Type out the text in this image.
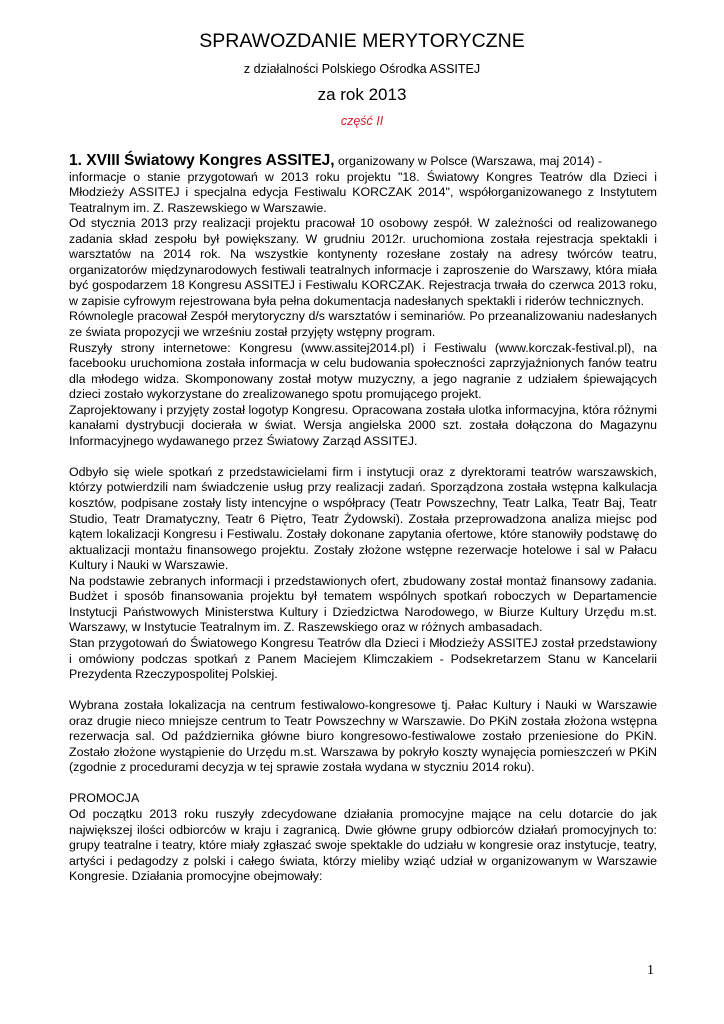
SPRAWOZDANIE MERYTORYCZNE
z działalności Polskiego Ośrodka ASSITEJ
za rok 2013
część II

1. XVIII Światowy Kongres ASSITEJ, organizowany w Polsce (Warszawa, maj 2014) -

informacje o stanie przygotowań w 2013 roku projektu "18. Światowy Kongres Teatrów dla Dzieci i Młodzieży ASSITEJ i specjalna edycja Festiwalu KORCZAK 2014", współorganizowanego z Instytutem Teatralnym im. Z. Raszewskiego w Warszawie.

Od stycznia 2013 przy realizacji projektu pracował 10 osobowy zespół. W zależności od realizowanego zadania skład zespołu był powiększany. W grudniu 2012r. uruchomiona została rejestracja spektakli i warsztatów na 2014 rok. Na wszystkie kontynenty rozesłane zostały na adresy twórców teatru, organizatorów międzynarodowych festiwali teatralnych informacje i zaproszenie do Warszawy, która miała być gospodarzem 18 Kongresu ASSITEJ i Festiwalu KORCZAK. Rejestracja trwała do czerwca 2013 roku, w zapisie cyfrowym rejestrowana była pełna dokumentacja nadesłanych spektakli i riderów technicznych.

Równolegle pracował Zespół merytoryczny d/s warsztatów i seminariów. Po przeanalizowaniu nadesłanych ze świata propozycji we wrześniu został przyjęty wstępny program.

Ruszyły strony internetowe: Kongresu (www.assitej2014.pl) i Festiwalu (www.korczak-festival.pl), na facebooku uruchomiona została informacja w celu budowania społeczności zaprzyjaźnionych fanów teatru dla młodego widza. Skomponowany został motyw muzyczny, a jego nagranie z udziałem śpiewających dzieci zostało wykorzystane do zrealizowanego spotu promującego projekt.

Zaprojektowany i przyjęty został logotyp Kongresu. Opracowana została ulotka informacyjna, która różnymi kanałami dystrybucji docierała w świat. Wersja angielska 2000 szt. została dołączona do Magazynu Informacyjnego wydawanego przez Światowy Zarząd ASSITEJ.

Odbyło się wiele spotkań z przedstawicielami firm i instytucji oraz z dyrektorami teatrów warszawskich, którzy potwierdzili nam świadczenie usług przy realizacji zadań. Sporządzona została wstępna kalkulacja kosztów, podpisane zostały listy intencyjne o współpracy (Teatr Powszechny, Teatr Lalka, Teatr Baj, Teatr Studio, Teatr Dramatyczny, Teatr 6 Piętro, Teatr Żydowski). Została przeprowadzona analiza miejsc pod kątem lokalizacji Kongresu i Festiwalu. Zostały dokonane zapytania ofertowe, które stanowiły podstawę do aktualizacji montażu finansowego projektu. Zostały złożone wstępne rezerwacje hotelowe i sal w Pałacu Kultury i Nauki w Warszawie.

Na podstawie zebranych informacji i przedstawionych ofert, zbudowany został montaż finansowy zadania. Budżet i sposób finansowania projektu był tematem wspólnych spotkań roboczych w Departamencie Instytucji Państwowych Ministerstwa Kultury i Dziedzictwa Narodowego, w Biurze Kultury Urzędu m.st. Warszawy, w Instytucie Teatralnym im. Z. Raszewskiego oraz w różnych ambasadach.

Stan przygotowań do Światowego Kongresu Teatrów dla Dzieci i Młodzieży ASSITEJ został przedstawiony i omówiony podczas spotkań z Panem Maciejem Klimczakiem - Podsekretarzem Stanu w Kancelarii Prezydenta Rzeczypospolitej Polskiej.

Wybrana została lokalizacja na centrum festiwalowo-kongresowe tj. Pałac Kultury i Nauki w Warszawie oraz drugie nieco mniejsze centrum to Teatr Powszechny w Warszawie. Do PKiN została złożona wstępna rezerwacja sal. Od października główne biuro kongresowo-festiwalowe zostało przeniesione do PKiN. Zostało złożone wystąpienie do Urzędu m.st. Warszawa by pokryło koszty wynajęcia pomieszczeń w PKiN (zgodnie z procedurami decyzja w tej sprawie została wydana w styczniu 2014 roku).

PROMOCJA

Od początku 2013 roku ruszyły zdecydowane działania promocyjne mające na celu dotarcie do jak największej ilości odbiorców w kraju i zagranicą. Dwie główne grupy odbiorców działań promocyjnych to: grupy teatralne i teatry, które miały zgłaszać swoje spektakle do udziału w kongresie oraz instytucje, teatry, artyści i pedagodzy z polski i całego świata, którzy mieliby wziąć udział w organizowanym w Warszawie Kongresie. Działania promocyjne obejmowały:

1
